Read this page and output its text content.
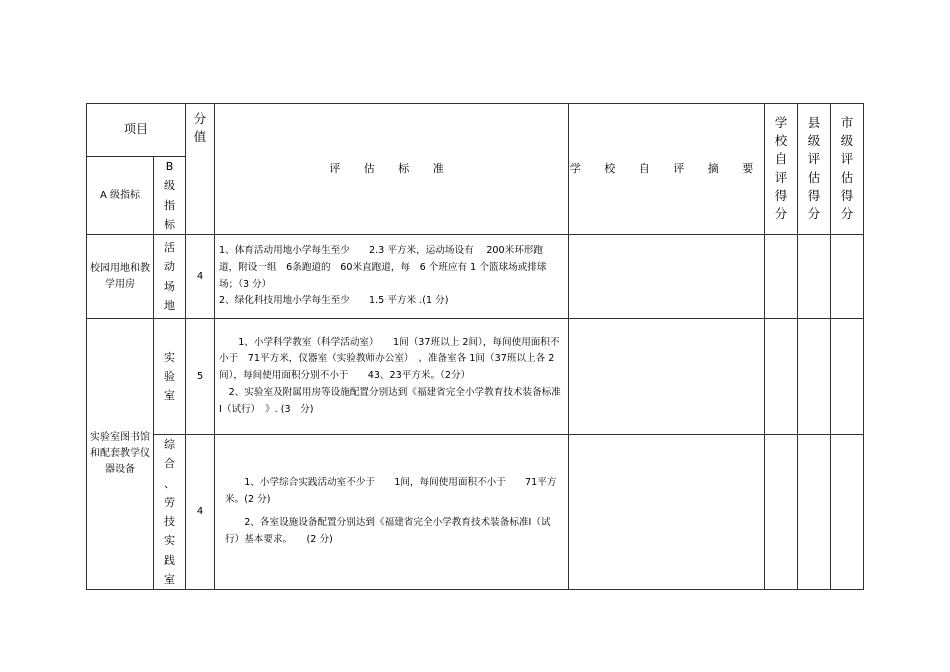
项目		分值	评 估 标 准	学 校 自 评 摘 要	学校自评得分	县级评估得分	市级评估得分
A 级指标	B级指标						
校园用地和教学用房	活动场地	4	1、体育活动用地小学每生至少　　2.3 平方米，运动场设有　 200米环形跑道，附设一组　6条跑道的　60米直跑道，每　6 个班应有 1 个篮球场或排球场；（3 分）

2、绿化科技用地小学每生至少　　1.5 平方米 .(1 分)				

实验室图书馆和配套教学仪器设备	实验室	5	1、小学科学教室（科学活动室）　　1间（37班以上 2间），每间使用面积不小于　71平方米，仪器室（实验教师办公室）　、准备室各 1间（37班以上各 2间），每间使用面积分别不小于　　43、23平方米。（2分）

2、实验室及附属用房等设施配置分别达到《福建省完全小学教育技术装备标准Ⅰ（试行）　》. (3　分)				

	综合、劳技实践室	4	1、小学综合实践活动室不少于　　1间，每间使用面积不小于　　71平方米。(2 分)

2、各室设施设备配置分别达到《福建省完全小学教育技术装备标准Ⅰ（试行）基本要求。　　(2 分)				
